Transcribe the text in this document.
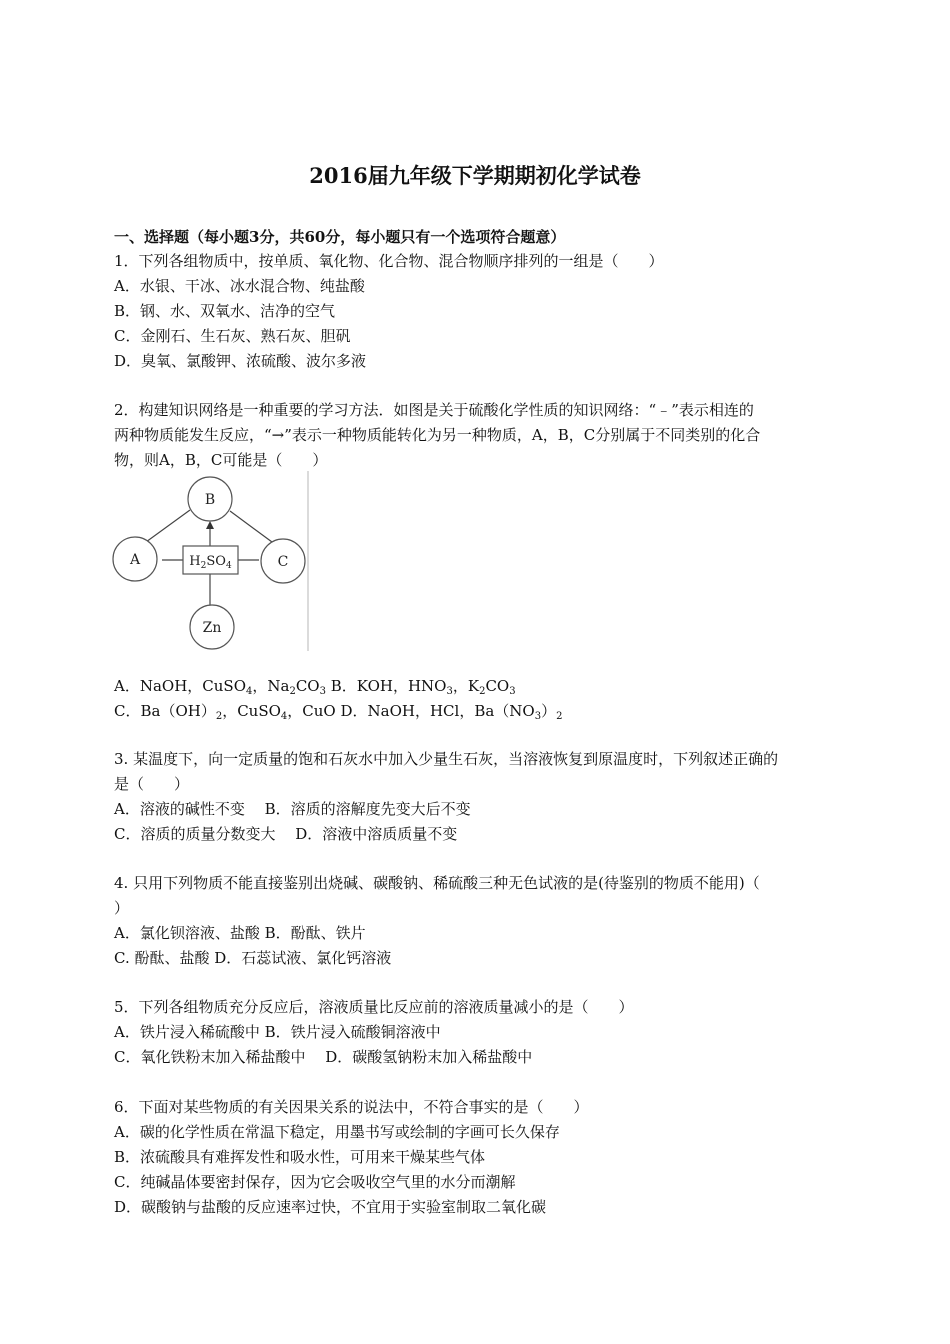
2016届九年级下学期期初化学试卷
一、选择题（每小题3分，共60分，每小题只有一个选项符合题意）
1．下列各组物质中，按单质、氧化物、化合物、混合物顺序排列的一组是（　　）
A．水银、干冰、冰水混合物、纯盐酸
B．钢、水、双氧水、洁净的空气
C．金刚石、生石灰、熟石灰、胆矾
D．臭氧、氯酸钾、浓硫酸、波尔多液
2．构建知识网络是一种重要的学习方法．如图是关于硫酸化学性质的知识网络：“﹣”表示相连的
两种物质能发生反应，“→”表示一种物质能转化为另一种物质，A，B，C分别属于不同类别的化合
物，则A，B，C可能是（　　）
B
A	C
Zn
$H_2SO_4$
A．NaOH，CuSO$_4$，$Na_2CO_3$ B．KOH，$HNO_3$，$K_2CO_3$
C．$Ba(OH)_2$，CuSO$_4$，CuO D．NaOH，HCl，$Ba(NO_3)_2$
3. 某温度下，向一定质量的饱和石灰水中加入少量生石灰，当溶液恢复到原温度时，下列叙述正确的
是（　　）
A．溶液的碱性不变　 B．溶质的溶解度先变大后不变
C．溶质的质量分数变大　 D．溶液中溶质质量不变
4. 只用下列物质不能直接鉴别出烧碱、碳酸钠、稀硫酸三种无色试液的是(待鉴别的物质不能用)（
）
A．氯化钡溶液、盐酸 B．酚酞、铁片
C. 酚酞、盐酸 D．石蕊试液、氯化钙溶液
5．下列各组物质充分反应后，溶液质量比反应前的溶液质量减小的是（　　）
A．铁片浸入稀硫酸中 B．铁片浸入硫酸铜溶液中
C．氧化铁粉末加入稀盐酸中　 D．碳酸氢钠粉末加入稀盐酸中
6．下面对某些物质的有关因果关系的说法中，不符合事实的是（　　）
A．碳的化学性质在常温下稳定，用墨书写或绘制的字画可长久保存
B．浓硫酸具有难挥发性和吸水性，可用来干燥某些气体
C．纯碱晶体要密封保存，因为它会吸收空气里的水分而潮解
D．碳酸钠与盐酸的反应速率过快，不宜用于实验室制取二氧化碳
